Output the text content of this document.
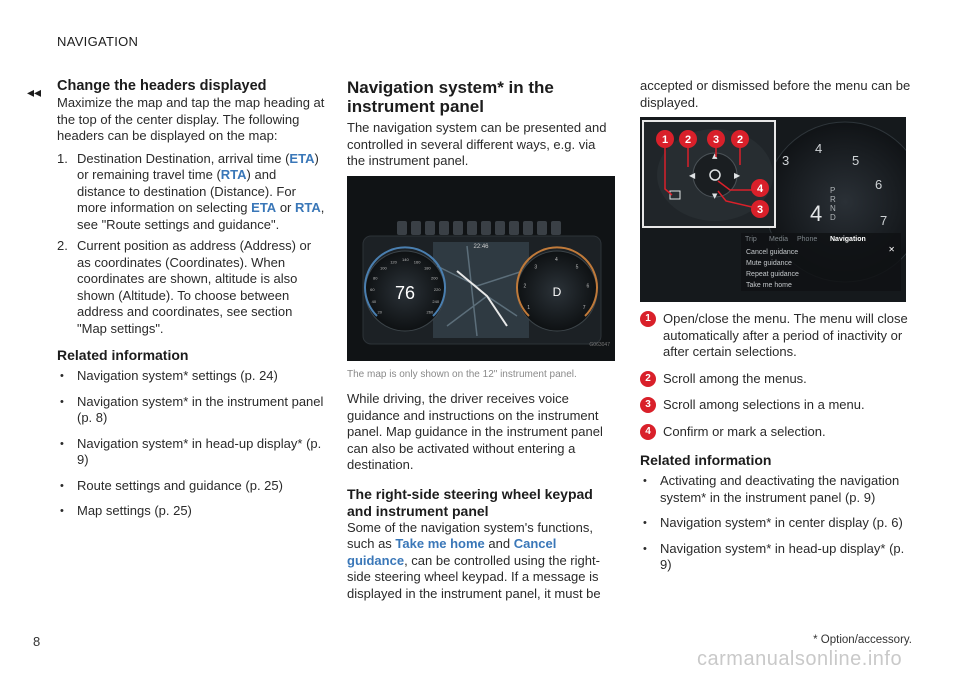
NAVIGATION
◂◂ Change the headers displayed

Maximize the map and tap the map heading at the top of the center display. The following headers can be displayed on the map:

1. Destination Destination, arrival time (ETA) or remaining travel time (RTA) and distance to destination (Distance). For more information on selecting ETA or RTA, see "Route settings and guidance".
2. Current position as address (Address) or as coordinates (Coordinates). When coordinates are shown, altitude is also shown (Altitude). To choose between address and coordinates, see section "Map settings".
Related information
• Navigation system* settings (p. 24)
• Navigation system* in the instrument panel (p. 8)
• Navigation system* in head-up display* (p. 9)
• Route settings and guidance (p. 25)
• Map settings (p. 25)
Navigation system* in the instrument panel

The navigation system can be presented and controlled in several different ways, e.g. via the instrument panel.

76	D
22:46
20
40
60
80
100
120 140 160
180
200
220
240
260
1
2
3
4
5
6
7
G063047
The map is only shown on the 12" instrument panel.

While driving, the driver receives voice guidance and instructions on the instrument panel. Map guidance in the instrument panel can also be activated without entering a destination.

The right-side steering wheel keypad and instrument panel

Some of the navigation system's functions, such as Take me home and Cancel guidance, can be controlled using the right-side steering wheel keypad. If a message is displayed in the instrument panel, it must be

accepted or dismissed before the menu can be displayed.

3
4
5
6
7
4
P
R
N
D
◀	▶
▲
▼
1 2 3 2
4
3
Trip Media Phone Navigation
Cancel guidance
Mute guidance
Repeat guidance
Take me home
✕
1 Open/close the menu. The menu will close automatically after a period of inactivity or after certain selections.
2 Scroll among the menus.
3 Scroll among selections in a menu.
4 Confirm or mark a selection.
Related information
• Activating and deactivating the navigation system* in the instrument panel (p. 9)
• Navigation system* in center display (p. 6)
• Navigation system* in head-up display* (p. 9)
8	* Option/accessory.
carmanualsonline.info
